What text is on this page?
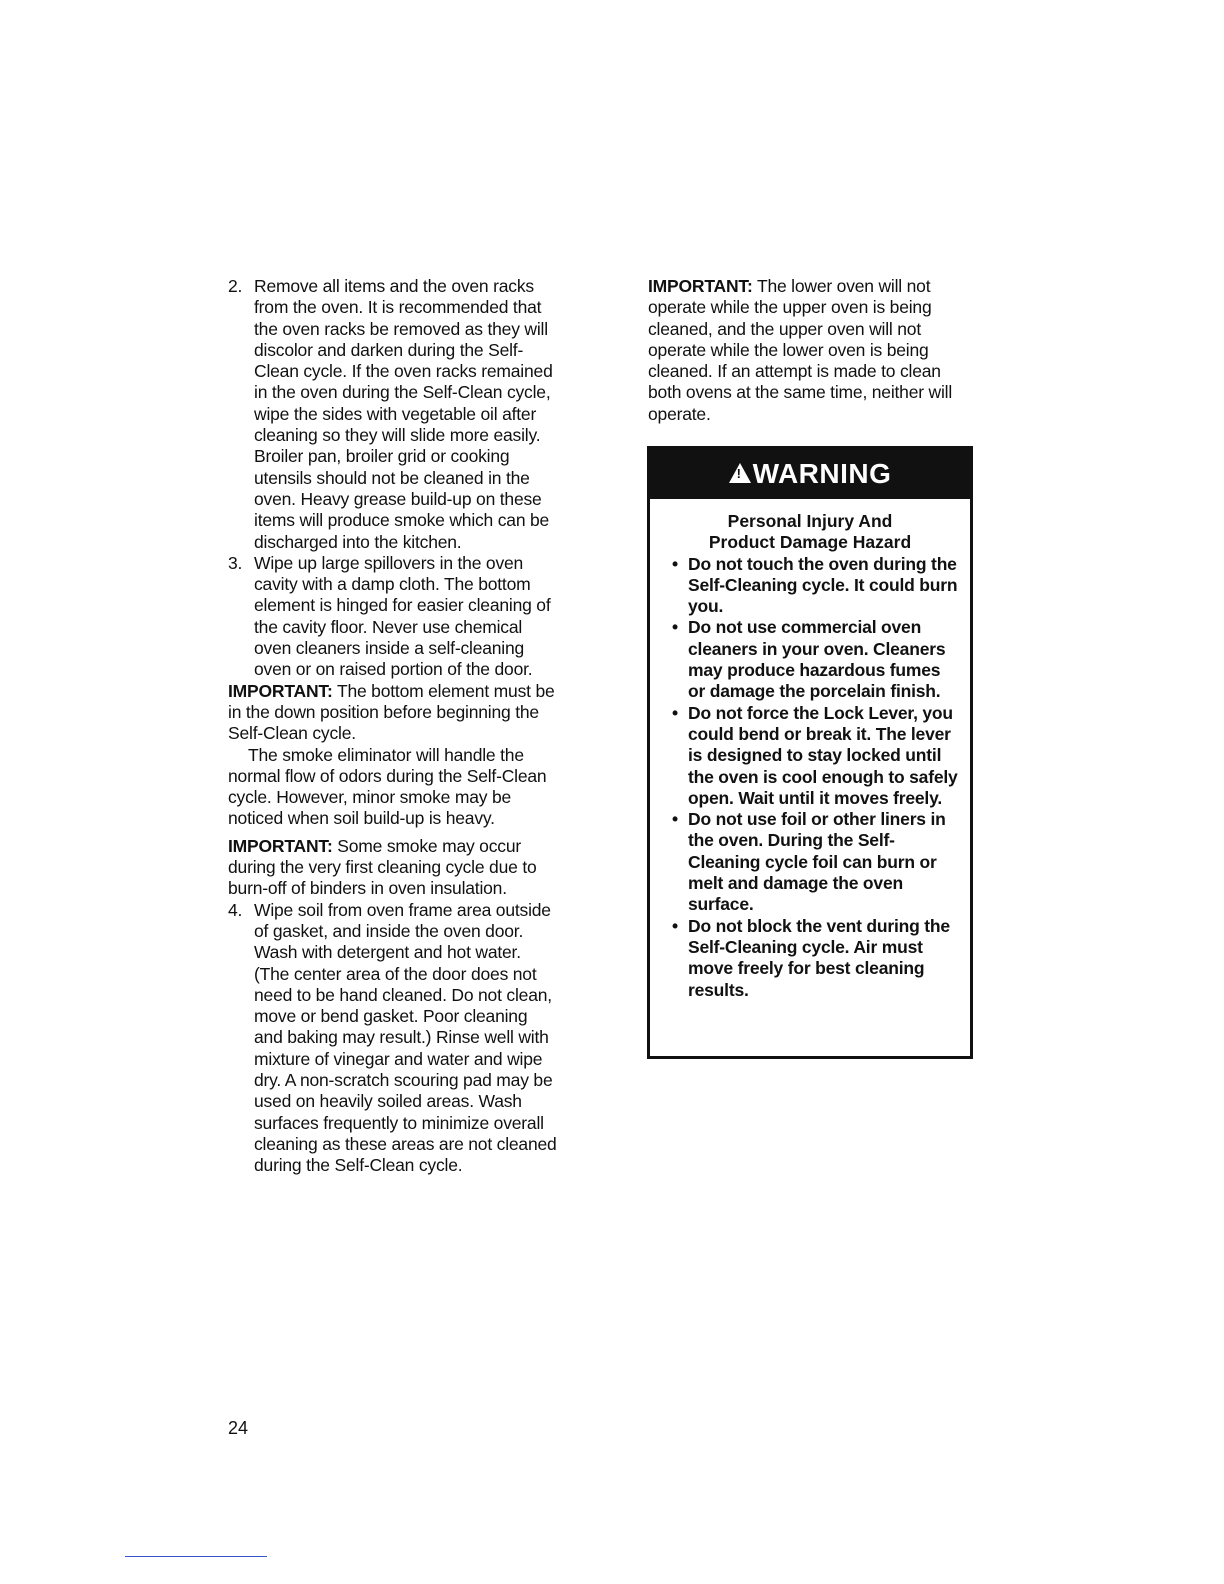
2. Remove all items and the oven racks from the oven. It is recommended that the oven racks be removed as they will discolor and darken during the Self-Clean cycle. If the oven racks remained in the oven during the Self-Clean cycle, wipe the sides with vegetable oil after cleaning so they will slide more easily. Broiler pan, broiler grid or cooking utensils should not be cleaned in the oven. Heavy grease build-up on these items will produce smoke which can be discharged into the kitchen.
3. Wipe up large spillovers in the oven cavity with a damp cloth. The bottom element is hinged for easier cleaning of the cavity floor. Never use chemical oven cleaners inside a self-cleaning oven or on raised portion of the door.

IMPORTANT: The bottom element must be in the down position before beginning the Self-Clean cycle.

The smoke eliminator will handle the normal flow of odors during the Self-Clean cycle. However, minor smoke may be noticed when soil build-up is heavy.

IMPORTANT: Some smoke may occur during the very first cleaning cycle due to burn-off of binders in oven insulation.

4. Wipe soil from oven frame area outside of gasket, and inside the oven door. Wash with detergent and hot water. (The center area of the door does not need to be hand cleaned. Do not clean, move or bend gasket. Poor cleaning and baking may result.) Rinse well with mixture of vinegar and water and wipe dry. A non-scratch scouring pad may be used on heavily soiled areas. Wash surfaces frequently to minimize overall cleaning as these areas are not cleaned during the Self-Clean cycle.

IMPORTANT: The lower oven will not operate while the upper oven is being cleaned, and the upper oven will not operate while the lower oven is being cleaned. If an attempt is made to clean both ovens at the same time, neither will operate.

!
WARNING
Personal Injury And
Product Damage Hazard
• Do not touch the oven during the Self-Cleaning cycle. It could burn you.
• Do not use commercial oven cleaners in your oven. Cleaners may produce hazardous fumes or damage the porcelain finish.
• Do not force the Lock Lever, you could bend or break it. The lever is designed to stay locked until the oven is cool enough to safely open. Wait until it moves freely.
• Do not use foil or other liners in the oven. During the Self-Cleaning cycle foil can burn or melt and damage the oven surface.
• Do not block the vent during the Self-Cleaning cycle. Air must move freely for best cleaning results.
24
